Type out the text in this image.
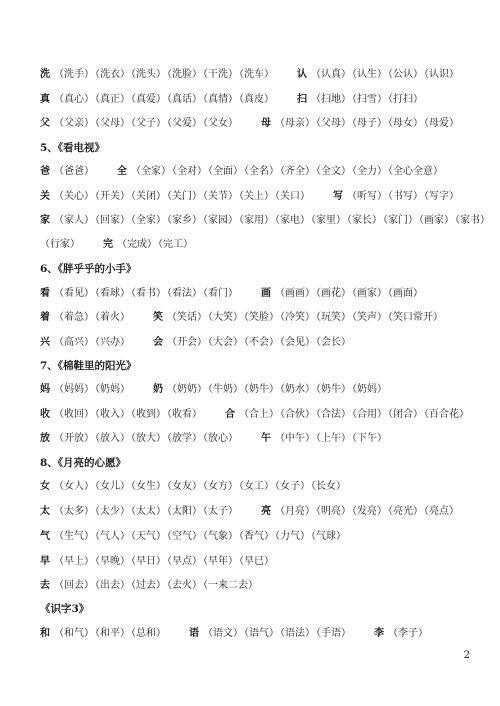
洗 （洗手）（洗衣）（洗头）（洗脸）（干洗）（洗车） 认 （认真）（认生）（公认）（认识）
真 （真心）（真正）（真爱）（真话）（真情）（真皮） 扫 （扫地）（扫雪）（打扫）
父 （父亲）（父母）（父子）（父爱）（父女） 母 （母亲）（父母）（母子）（母女）（母爱）
5、《看电视》
爸 （爸爸） 全 （全家）（全对）（全面）（全名）（齐全）（全文）（全力）（全心全意）
关 （关心）（开关）（关闭）（关门）（关节）（关上）（关口） 写 （听写）（书写）（写字）
家 （家人）（回家）（全家）（家乡）（家园）（家用）（家电）（家里）（家长）（家门）（画家）（家书）
（行家） 完 （完成）（完工）
6、《胖乎乎的小手》
看 （看见）（看球）（看书）（看法）（看门） 画 （画画）（画花）（画家）（画面）
着 （着急）（着火） 笑 （笑话）（大笑）（笑脸）（冷笑）（玩笑）（笑声）（笑口常开）
兴 （高兴）（兴办） 会 （开会）（大会）（不会）（会见）（会长）
7、《棉鞋里的阳光》
妈 （妈妈）（奶妈） 奶 （奶奶）（牛奶）（奶牛）（奶水）（奶牛）（奶妈）
收 （收回）（收入）（收到）（收看） 合 （合上）（合伙）（合法）（合用）（闭合）（百合花）
放 （开放）（放入）（放大）（放学）（放心） 午 （中午）（上午）（下午）
8、《月亮的心愿》
女 （女人）（女儿）（女生）（女友）（女方）（女工）（女子）（长女）
太 （太多）（太少）（太太）（太阳）（太子） 亮 （月亮）（明亮）（发亮）（亮光）（亮点）
气 （生气）（气人）（天气）（空气）（气象）（香气）（力气）（气球）
早 （早上）（早晚）（早日）（早点）（早年）（早已）
去 （回去）（出去）（过去）（去火）（一来二去）
《识字3》
和 （和气）（和平）（总和） 语 （语文）（语气）（语法）（手语） 李 （李子）
2
